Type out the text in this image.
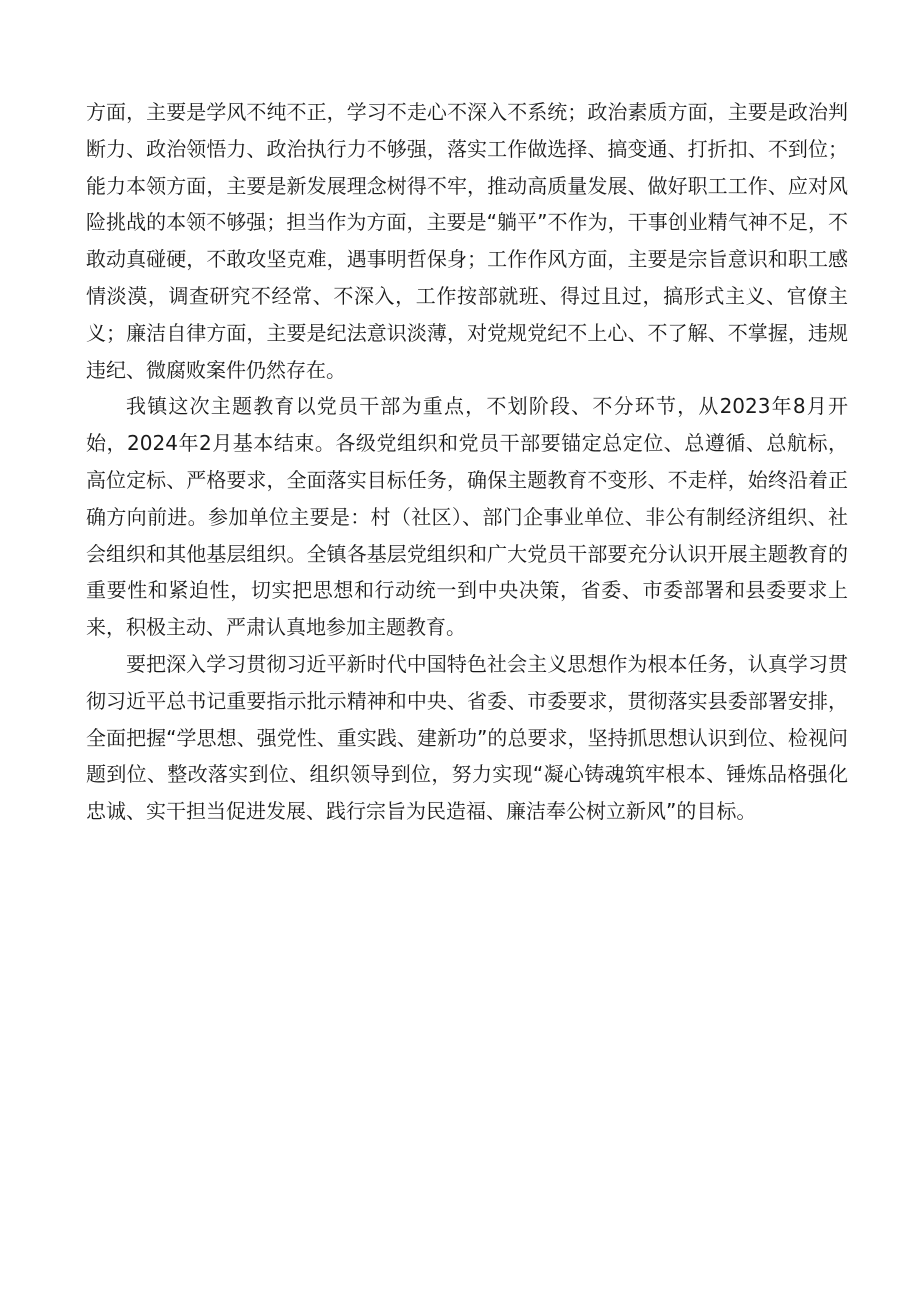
方面，主要是学风不纯不正，学习不走心不深入不系统；政治素质方面，主要是政治判断力、政治领悟力、政治执行力不够强，落实工作做选择、搞变通、打折扣、不到位；能力本领方面，主要是新发展理念树得不牢，推动高质量发展、做好职工工作、应对风险挑战的本领不够强；担当作为方面，主要是“躺平”不作为，干事创业精气神不足，不敢动真碰硬，不敢攻坚克难，遇事明哲保身；工作作风方面，主要是宗旨意识和职工感情淡漠，调查研究不经常、不深入，工作按部就班、得过且过，搞形式主义、官僚主义；廉洁自律方面，主要是纪法意识淡薄，对党规党纪不上心、不了解、不掌握，违规违纪、微腐败案件仍然存在。

我镇这次主题教育以党员干部为重点，不划阶段、不分环节，从2023年8月开始，2024年2月基本结束。各级党组织和党员干部要锚定总定位、总遵循、总航标，高位定标、严格要求，全面落实目标任务，确保主题教育不变形、不走样，始终沿着正确方向前进。参加单位主要是：村（社区）、部门企事业单位、非公有制经济组织、社会组织和其他基层组织。全镇各基层党组织和广大党员干部要充分认识开展主题教育的重要性和紧迫性，切实把思想和行动统一到中央决策，省委、市委部署和县委要求上来，积极主动、严肃认真地参加主题教育。

要把深入学习贯彻习近平新时代中国特色社会主义思想作为根本任务，认真学习贯彻习近平总书记重要指示批示精神和中央、省委、市委要求，贯彻落实县委部署安排，全面把握“学思想、强党性、重实践、建新功”的总要求，坚持抓思想认识到位、检视问题到位、整改落实到位、组织领导到位，努力实现“凝心铸魂筑牢根本、锤炼品格强化忠诚、实干担当促进发展、践行宗旨为民造福、廉洁奉公树立新风”的目标。
